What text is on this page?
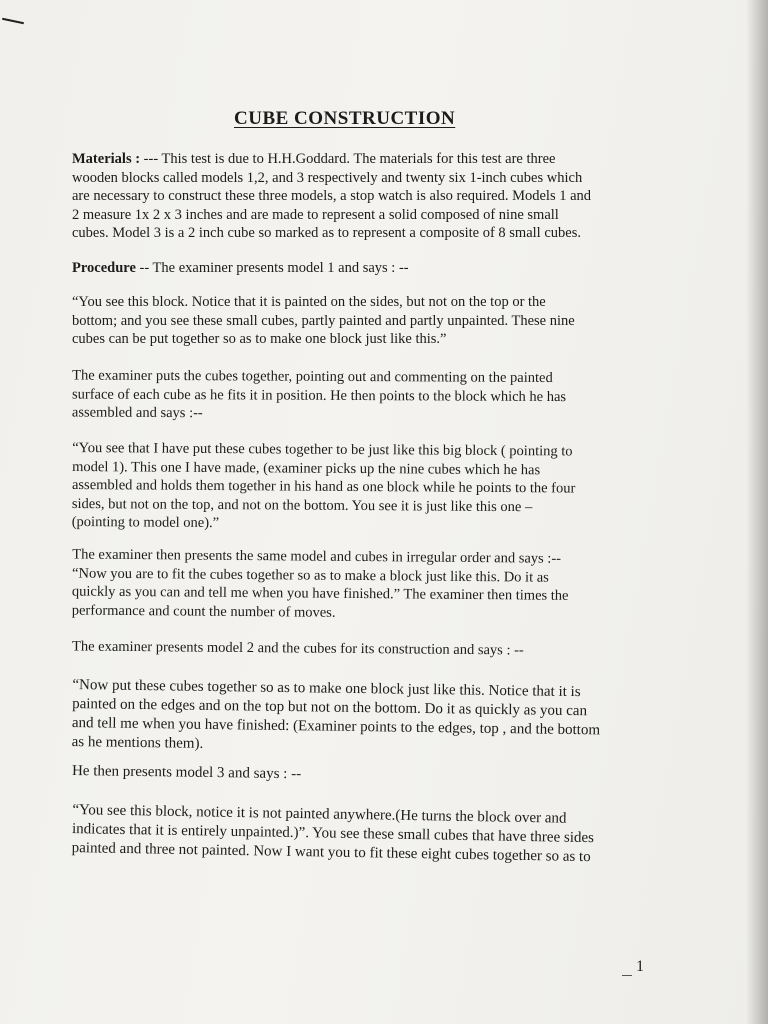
CUBE CONSTRUCTION

Materials : --- This test is due to H.H.Goddard. The materials for this test are three
wooden blocks called models 1,2, and 3 respectively and twenty six 1-inch cubes which
are necessary to construct these three models, a stop watch is also required. Models 1 and
2 measure 1x 2 x 3 inches and are made to represent a solid composed of nine small
cubes. Model 3 is a 2 inch cube so marked as to represent a composite of 8 small cubes.

Procedure -- The examiner presents model 1 and says : --

“You see this block. Notice that it is painted on the sides, but not on the top or the
bottom; and you see these small cubes, partly painted and partly unpainted. These nine
cubes can be put together so as to make one block just like this.”

The examiner puts the cubes together, pointing out and commenting on the painted
surface of each cube as he fits it in position. He then points to the block which he has
assembled and says :--

“You see that I have put these cubes together to be just like this big block ( pointing to
model 1). This one I have made, (examiner picks up the nine cubes which he has
assembled and holds them together in his hand as one block while he points to the four
sides, but not on the top, and not on the bottom. You see it is just like this one –
(pointing to model one).”

The examiner then presents the same model and cubes in irregular order and says :--
“Now you are to fit the cubes together so as to make a block just like this. Do it as
quickly as you can and tell me when you have finished.” The examiner then times the
performance and count the number of moves.

The examiner presents model 2 and the cubes for its construction and says : --

“Now put these cubes together so as to make one block just like this. Notice that it is
painted on the edges and on the top but not on the bottom. Do it as quickly as you can
and tell me when you have finished: (Examiner points to the edges, top , and the bottom
as he mentions them).

He then presents model 3 and says : --

“You see this block, notice it is not painted anywhere.(He turns the block over and
indicates that it is entirely unpainted.)”. You see these small cubes that have three sides
painted and three not painted. Now I want you to fit these eight cubes together so as to

1
